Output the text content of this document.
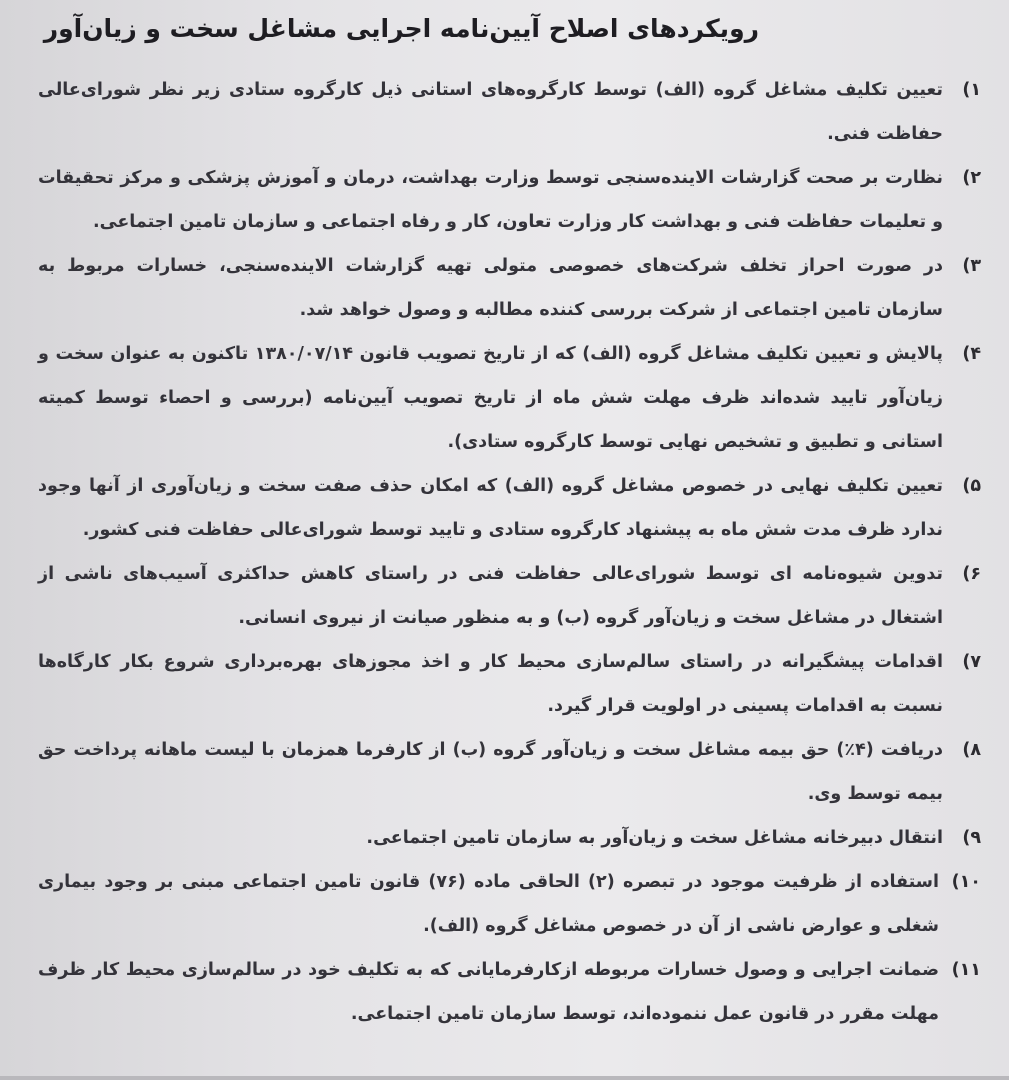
رویکردهای اصلاح آیین‌نامه اجرایی مشاغل سخت و زیان‌آور
۱)
تعیین تکلیف مشاغل گروه (الف) توسط کارگروه‌های استانی ذیل کارگروه ستادی زیر نظر شورای‌عالی حفاظت فنی.
۲)
نظارت بر صحت گزارشات الاینده‌سنجی توسط وزارت بهداشت، درمان و آموزش پزشکی و مرکز تحقیقات و تعلیمات حفاظت فنی و بهداشت کار وزارت تعاون، کار و رفاه اجتماعی و سازمان تامین اجتماعی.
۳)
در صورت احراز تخلف شرکت‌های خصوصی متولی تهیه گزارشات الاینده‌سنجی، خسارات مربوط به سازمان تامین اجتماعی از شرکت بررسی کننده مطالبه و وصول خواهد شد.
۴)
پالایش و تعیین تکلیف مشاغل گروه (الف) که از تاریخ تصویب قانون ۱۳۸۰/۰۷/۱۴ تاکنون به عنوان سخت و زیان‌آور تایید شده‌اند ظرف مهلت شش ماه از تاریخ تصویب آیین‌نامه (بررسی و احصاء توسط کمیته استانی و تطبیق و تشخیص نهایی توسط کارگروه ستادی).
۵)
تعیین تکلیف نهایی در خصوص مشاغل گروه (الف) که امکان حذف صفت سخت و زیان‌آوری از آنها وجود ندارد ظرف مدت شش ماه به پیشنهاد کارگروه ستادی و تایید توسط شورای‌عالی حفاظت فنی کشور.
۶)
تدوین شیوه‌نامه ای توسط شورای‌عالی حفاظت فنی در راستای کاهش حداکثری آسیب‌های ناشی از اشتغال در مشاغل سخت و زیان‌آور گروه (ب) و به منظور صیانت از نیروی انسانی.
۷)
اقدامات پیشگیرانه در راستای سالم‌سازی محیط کار و اخذ مجوزهای بهره‌برداری شروع بکار کارگاه‌ها نسبت به اقدامات پسینی در اولویت قرار گیرد.
۸)
دریافت (۴٪) حق بیمه مشاغل سخت و زیان‌آور گروه (ب) از کارفرما همزمان با لیست ماهانه پرداخت حق بیمه توسط وی.
۹)
انتقال دبیرخانه مشاغل سخت و زیان‌آور به سازمان تامین اجتماعی.
۱۰)
استفاده از ظرفیت موجود در تبصره (۲) الحاقی ماده (۷۶) قانون تامین اجتماعی مبنی بر وجود بیماری شغلی و عوارض ناشی از آن در خصوص مشاغل گروه (الف).
۱۱)
ضمانت اجرایی و وصول خسارات مربوطه ازکارفرمایانی که به تکلیف خود در سالم‌سازی محیط کار ظرف مهلت مقرر در قانون عمل ننموده‌اند، توسط سازمان تامین اجتماعی.
